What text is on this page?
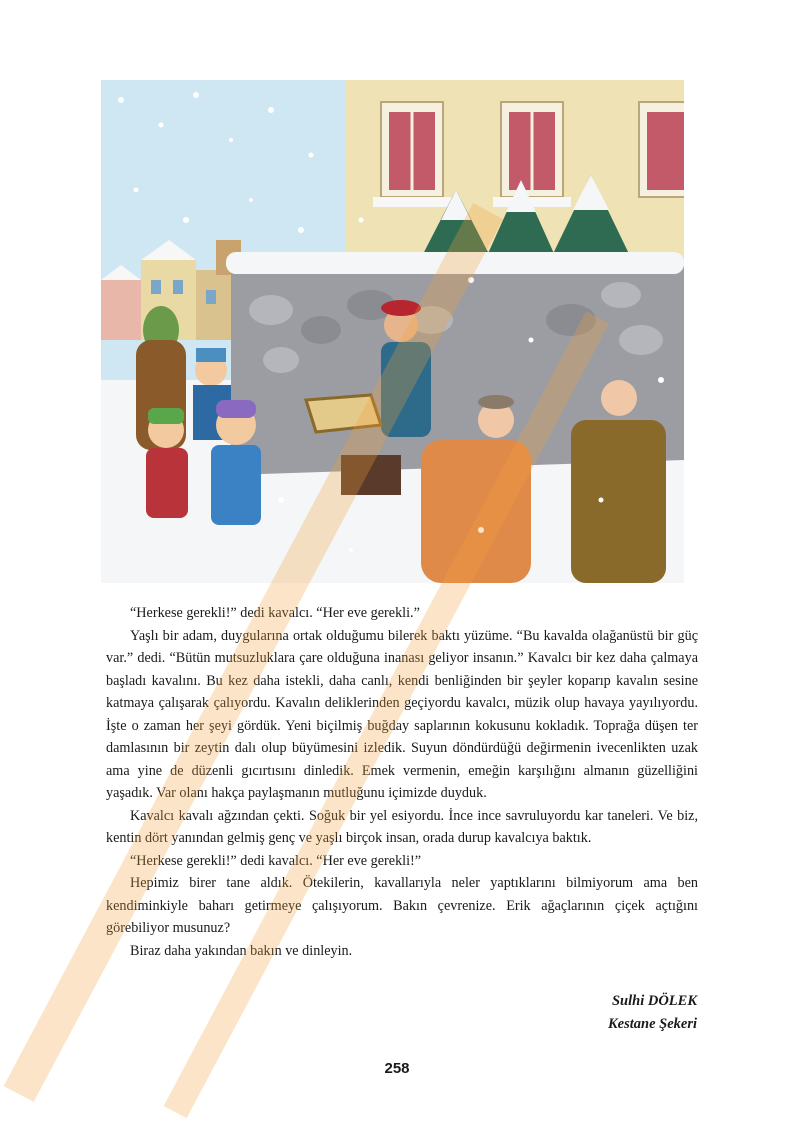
“Herkese gerekli!” dedi kavalcı. “Her eve gerekli.”

Yaşlı bir adam, duygularına ortak olduğumu bilerek baktı yüzüme. “Bu kavalda olağanüstü bir güç var.” dedi. “Bütün mutsuzluklara çare olduğuna inanası geliyor insanın.” Kavalcı bir kez daha çalmaya başladı kavalını. Bu kez daha istekli, daha canlı, kendi benliğinden bir şeyler koparıp kavalın sesine katmaya çalışarak çalıyordu. Kavalın deliklerinden geçiyordu kavalcı, müzik olup havaya yayılıyordu. İşte o zaman her şeyi gördük. Yeni biçilmiş buğday saplarının kokusunu kokladık. Toprağa düşen ter damlasının bir zeytin dalı olup büyümesini izledik. Suyun döndürdüğü değirmenin ivecenlikten uzak ama yine de düzenli gıcırtısını dinledik. Emek vermenin, emeğin karşılığını almanın güzelliğini yaşadık. Var olanı hakça paylaşmanın mutluğunu içimizde duyduk.

Kavalcı kavalı ağzından çekti. Soğuk bir yel esiyordu. İnce ince savruluyordu kar taneleri. Ve biz, kentin dört yanından gelmiş genç ve yaşlı birçok insan, orada durup kavalcıya baktık.

“Herkese gerekli!” dedi kavalcı. “Her eve gerekli!”

Hepimiz birer tane aldık. Ötekilerin, kavallarıyla neler yaptıklarını bilmiyorum ama ben kendiminkiyle baharı getirmeye çalışıyorum. Bakın çevrenize. Erik ağaçlarının çiçek açtığını görebiliyor musunuz?

Biraz daha yakından bakın ve dinleyin.

Sulhi DÖLEK
Kestane Şekeri
258
